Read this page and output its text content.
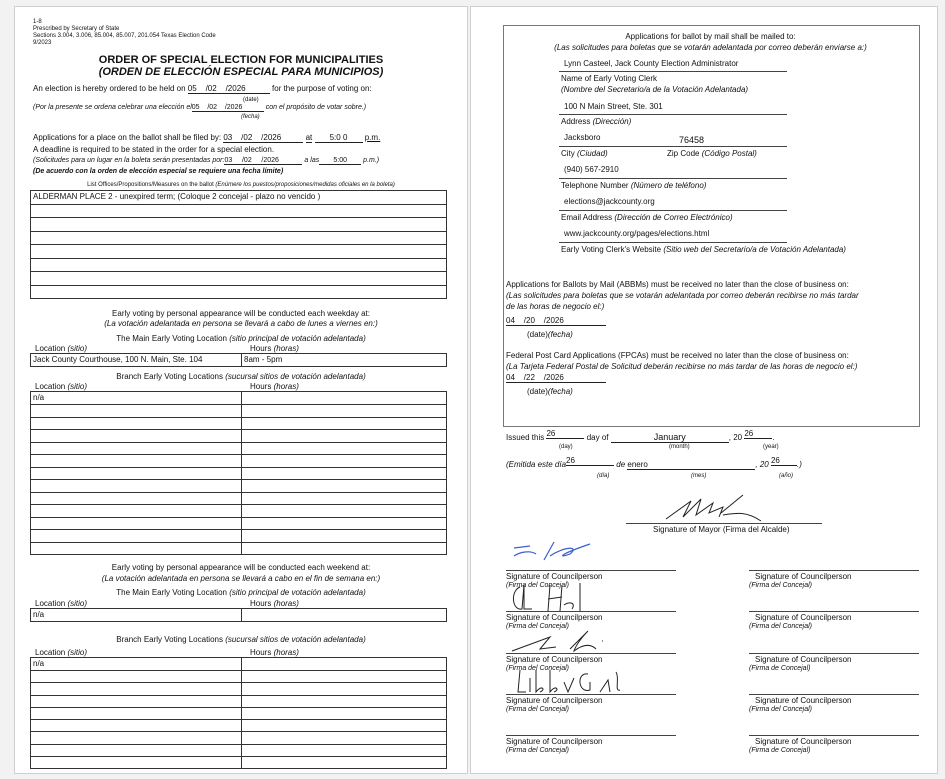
1-8
Prescribed by Secretary of State
Sections 3.004, 3.006, 85.004, 85.007, 201.054 Texas Election Code
9/2023
ORDER OF SPECIAL ELECTION FOR MUNICIPALITIES
(ORDEN DE ELECCIÓN ESPECIAL PARA MUNICIPIOS)
An election is hereby ordered to be held on 05    /02    /2026	for the purpose of voting on:
(date)
(Por la presente se ordena celebrar una elección el05    /02    /2026	con el propósito de votar sobre.)
(fecha)
Applications for a place on the ballot shall be filed by: 03    /02    /2026	at 5:0 0 p.m.
A deadline is required to be stated in the order for a special election.
(Solicitudes para un lugar en la boleta serán presentadas por:03     /02     /2026	a las 5:00 p.m.)
(De acuerdo con la orden de elección especial se requiere una fecha límite)
List Offices/Propositions/Measures on the ballot (Enúmere los puestos/proposiciones/medidas oficiales en la boleta)
ALDERMAN PLACE 2 - unexpired term; (Coloque 2 concejal - plazo no vencido )

Early voting by personal appearance will be conducted each weekday at:
(La votación adelantada en persona se llevará a cabo de lunes a viernes en:)
The Main Early Voting Location (sitio principal de votación adelantada)
Location (sitio)	Hours (horas)
Jack County Courthouse, 100 N. Main, Ste. 104	8am - 5pm
Branch Early Voting Locations (sucursal sitios de votación adelantada)
Location (sitio)	Hours (horas)
n/a	

Early voting by personal appearance will be conducted each weekend at:
(La votación adelantada en persona se llevará a cabo en el fin de semana en:)
The Main Early Voting Location (sitio principal de votación adelantada)
Location (sitio)	Hours (horas)
n/a	
Branch Early Voting Locations (sucursal sitios de votación adelantada)
Location (sitio)	Hours (horas)
n/a	

Applications for ballot by mail shall be mailed to:
(Las solicitudes para boletas que se votarán adelantada por correo deberán enviarse a:)
Lynn Casteel, Jack County Election Administrator
Name of Early Voting Clerk
(Nombre del Secretario/a de la Votación Adelantada)
100 N Main Street, Ste. 301
Address (Dirección)
Jacksboro	76458
City (Ciudad)	Zip Code (Código Postal)
(940) 567-2910
Telephone Number (Número de teléfono)
elections@jackcounty.org
Email Address (Dirección de Correo Electrónico)
www.jackcounty.org/pages/elections.html
Early Voting Clerk's Website (Sitio web del Secretario/a de Votación Adelantada)
Applications for Ballots by Mail (ABBMs) must be received no later than the close of business on:
(Las solicitudes para boletas que se votarán adelantada por correo deberán recibirse no más tardar
de las horas de negocio el:)
04    /20    /2026
(date)(fecha)
Federal Post Card Applications (FPCAs) must be received no later than the close of business on:
(La Tarjeta Federal Postal de Solicitud deberán recibirse no más tardar de las horas de negocio el:)
04    /22    /2026
(date)(fecha)
Issued this 26	day of	January	, 20 26 .
(day)	(month)	(year)
(Emitida este día26	de enero	, 20 26 .)
(día)	(mes)	(año)
Signature of Mayor (Firma del Alcalde)
Signature of Councilperson
(Firma del Concejal)
Signature of Councilperson
(Firma del Concejal)
Signature of Councilperson
(Firma del Concejal)
Signature of Councilperson
(Firma del Concejal)
Signature of Councilperson
(Firma del Concejal)
Signature of Councilperson
(Firma del Concejal)
Signature of Councilperson
(Firma del Concejal)
Signature of Councilperson
(Firma de Concejal)
Signature of Councilperson
(Firma del Concejal)
Signature of Councilperson
(Firma de Concejal)
